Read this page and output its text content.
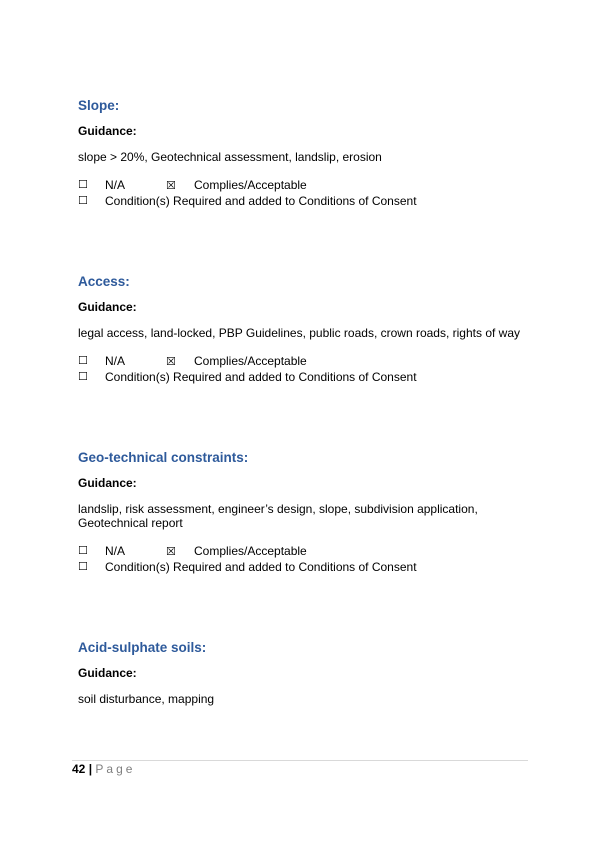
Slope:
Guidance:
slope > 20%, Geotechnical assessment, landslip, erosion
☐	N/A	☒	Complies/Acceptable
☐	Condition(s) Required and added to Conditions of Consent
Access:
Guidance:
legal access, land-locked, PBP Guidelines, public roads, crown roads, rights of way
☐	N/A	☒	Complies/Acceptable
☐	Condition(s) Required and added to Conditions of Consent
Geo-technical constraints:
Guidance:
landslip, risk assessment, engineer’s design, slope, subdivision application, Geotechnical report
☐	N/A	☒	Complies/Acceptable
☐	Condition(s) Required and added to Conditions of Consent
Acid-sulphate soils:
Guidance:
soil disturbance, mapping
42 | Page
